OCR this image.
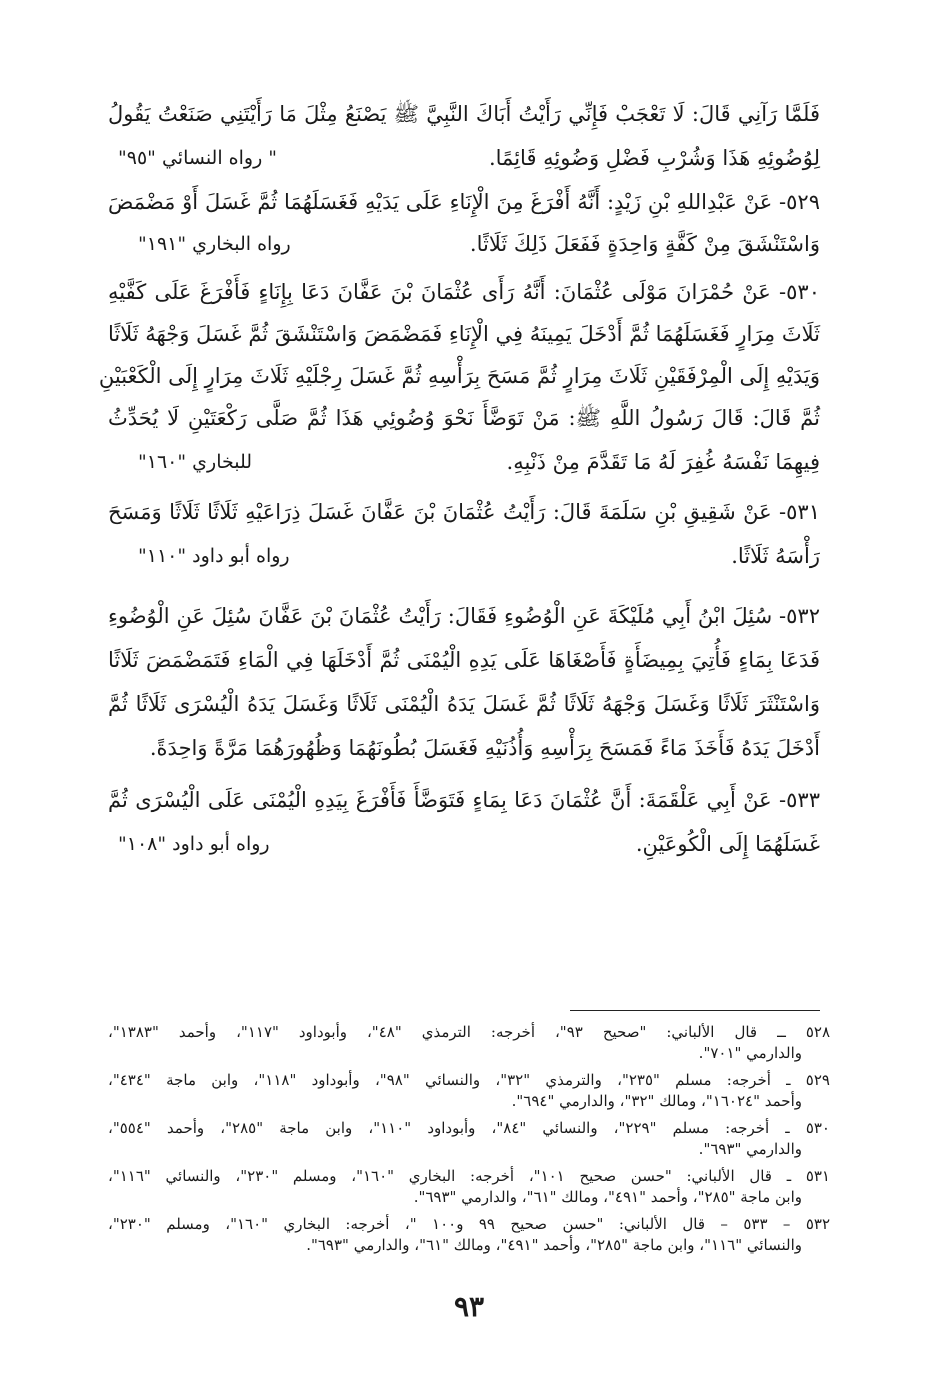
فَلَمَّا رَآنِي قَالَ: لَا تَعْجَبْ فَإِنِّي رَأَيْتُ أَبَاكَ النَّبِيَّ ﷺ يَصْنَعُ مِثْلَ مَا رَأَيْتَنِي صَنَعْتُ يَقُولُ
لِوُضُوئِهِ هَذَا وَشُرْبِ فَضْلِ وَضُوئِهِ قَائِمًا.
" رواه النسائي "٩٥"
٥٢٩- عَنْ عَبْدِاللهِ بْنِ زَيْدٍ: أَنَّهُ أَفْرَغَ مِنَ الْإِنَاءِ عَلَى يَدَيْهِ فَغَسَلَهُمَا ثُمَّ غَسَلَ أَوْ مَضْمَضَ
وَاسْتَنْشَقَ مِنْ كَفَّةٍ وَاحِدَةٍ فَفَعَلَ ذَلِكَ ثَلَاثًا.
رواه البخاري "١٩١"
٥٣٠- عَنْ حُمْرَانَ مَوْلَى عُثْمَانَ: أَنَّهُ رَأَى عُثْمَانَ بْنَ عَفَّانَ دَعَا بِإِنَاءٍ فَأَفْرَغَ عَلَى كَفَّيْهِ
ثَلَاثَ مِرَارٍ فَغَسَلَهُمَا ثُمَّ أَدْخَلَ يَمِينَهُ فِي الْإِنَاءِ فَمَضْمَضَ وَاسْتَنْشَقَ ثُمَّ غَسَلَ وَجْهَهُ ثَلَاثًا
وَيَدَيْهِ إِلَى الْمِرْفَقَيْنِ ثَلَاثَ مِرَارٍ ثُمَّ مَسَحَ بِرَأْسِهِ ثُمَّ غَسَلَ رِجْلَيْهِ ثَلَاثَ مِرَارٍ إِلَى الْكَعْبَيْنِ
ثُمَّ قَالَ: قَالَ رَسُولُ اللَّهِ ﷺ: مَنْ تَوَضَّأَ نَحْوَ وُضُوئِي هَذَا ثُمَّ صَلَّى رَكْعَتَيْنِ لَا يُحَدِّثُ
فِيهِمَا نَفْسَهُ غُفِرَ لَهُ مَا تَقَدَّمَ مِنْ ذَنْبِهِ.
للبخاري "١٦٠"
٥٣١- عَنْ شَقِيقِ بْنِ سَلَمَةَ قَالَ: رَأَيْتُ عُثْمَانَ بْنَ عَفَّانَ غَسَلَ ذِرَاعَيْهِ ثَلَاثًا ثَلَاثًا وَمَسَحَ
رَأْسَهُ ثَلَاثًا.
رواه أبو داود "١١٠"
٥٣٢- سُئِلَ ابْنُ أَبِي مُلَيْكَةَ عَنِ الْوُضُوءِ فَقَالَ: رَأَيْتُ عُثْمَانَ بْنَ عَفَّانَ سُئِلَ عَنِ الْوُضُوءِ
فَدَعَا بِمَاءٍ فَأُتِيَ بِمِيضَأَةٍ فَأَصْغَاهَا عَلَى يَدِهِ الْيُمْنَى ثُمَّ أَدْخَلَهَا فِي الْمَاءِ فَتَمَضْمَضَ ثَلَاثًا
وَاسْتَنْثَرَ ثَلَاثًا وَغَسَلَ وَجْهَهُ ثَلَاثًا ثُمَّ غَسَلَ يَدَهُ الْيُمْنَى ثَلَاثًا وَغَسَلَ يَدَهُ الْيُسْرَى ثَلَاثًا ثُمَّ
أَدْخَلَ يَدَهُ فَأَخَذَ مَاءً فَمَسَحَ بِرَأْسِهِ وَأُذُنَيْهِ فَغَسَلَ بُطُونَهُمَا وَظُهُورَهُمَا مَرَّةً وَاحِدَةً.
٥٣٣- عَنْ أَبِي عَلْقَمَةَ: أَنَّ عُثْمَانَ دَعَا بِمَاءٍ فَتَوَضَّأَ فَأَفْرَغَ بِيَدِهِ الْيُمْنَى عَلَى الْيُسْرَى ثُمَّ
غَسَلَهُمَا إِلَى الْكُوعَيْنِ.
رواه أبو داود "١٠٨"
٥٢٨ ــ قال الألباني: "صحيح ٩٣"، أخرجه: الترمذي "٤٨"، وأبوداود "١١٧"، وأحمد "١٣٨٣"،
والدارمي "٧٠١".
٥٢٩ ـ أخرجه: مسلم "٢٣٥"، والترمذي "٣٢"، والنسائي "٩٨"، وأبوداود "١١٨"، وابن ماجة "٤٣٤"،
وأحمد "١٦٠٢٤"، ومالك "٣٢"، والدارمي "٦٩٤".
٥٣٠ ـ أخرجه: مسلم "٢٢٩"، والنسائي "٨٤"، وأبوداود "١١٠"، وابن ماجة "٢٨٥"، وأحمد "٥٥٤"،
والدارمي "٦٩٣".
٥٣١ ـ قال الألباني: "حسن صحيح ١٠١"، أخرجه: البخاري "١٦٠"، ومسلم "٢٣٠"، والنسائي "١١٦"،
وابن ماجة "٢٨٥"، وأحمد "٤٩١"، ومالك "٦١"، والدارمي "٦٩٣".
٥٣٢ – ٥٣٣ – قال الألباني: "حسن صحيح ٩٩ و١٠٠ "، أخرجه: البخاري "١٦٠"، ومسلم "٢٣٠"،
والنسائي "١١٦"، وابن ماجة "٢٨٥"، وأحمد "٤٩١"، ومالك "٦١"، والدارمي "٦٩٣".
٩٣
